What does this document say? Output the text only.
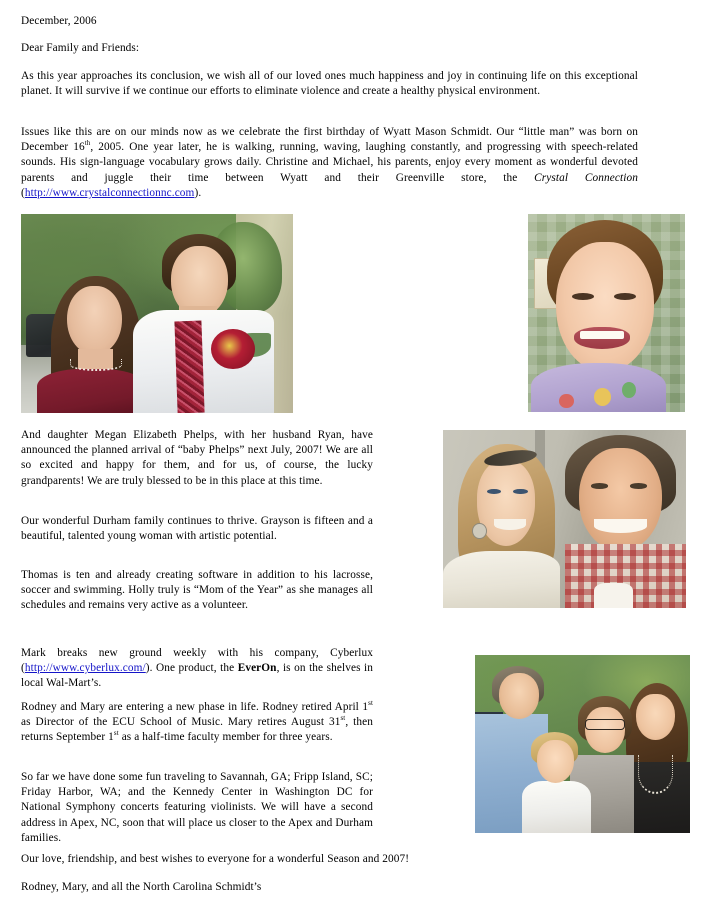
December, 2006
Dear Family and Friends:
As this year approaches its conclusion, we wish all of our loved ones much happiness and joy in continuing life on this exceptional planet. It will survive if we continue our efforts to eliminate violence and create a healthy physical environment.
Issues like this are on our minds now as we celebrate the first birthday of Wyatt Mason Schmidt. Our “little man” was born on December 16th, 2005. One year later, he is walking, running, waving, laughing constantly, and progressing with speech-related sounds. His sign-language vocabulary grows daily. Christine and Michael, his parents, enjoy every moment as wonderful devoted parents and juggle their time between Wyatt and their Greenville store, the Crystal Connection (http://www.crystalconnectionnc.com).
And daughter Megan Elizabeth Phelps, with her husband Ryan, have announced the planned arrival of “baby Phelps” next July, 2007! We are all so excited and happy for them, and for us, of course, the lucky grandparents! We are truly blessed to be in this place at this time.
Our wonderful Durham family continues to thrive. Grayson is fifteen and a beautiful, talented young woman with artistic potential.
Thomas is ten and already creating software in addition to his lacrosse, soccer and swimming. Holly truly is “Mom of the Year” as she manages all schedules and remains very active as a volunteer.
Mark breaks new ground weekly with his company, Cyberlux (http://www.cyberlux.com/). One product, the EverOn, is on the shelves in local Wal-Mart’s.
Rodney and Mary are entering a new phase in life. Rodney retired April 1st as Director of the ECU School of Music. Mary retires August 31st, then returns September 1st as a half-time faculty member for three years.
So far we have done some fun traveling to Savannah, GA; Fripp Island, SC; Friday Harbor, WA; and the Kennedy Center in Washington DC for National Symphony concerts featuring violinists. We will have a second address in Apex, NC, soon that will place us closer to the Apex and Durham families.
Our love, friendship, and best wishes to everyone for a wonderful Season and 2007!
Rodney, Mary, and all the North Carolina Schmidt’s
